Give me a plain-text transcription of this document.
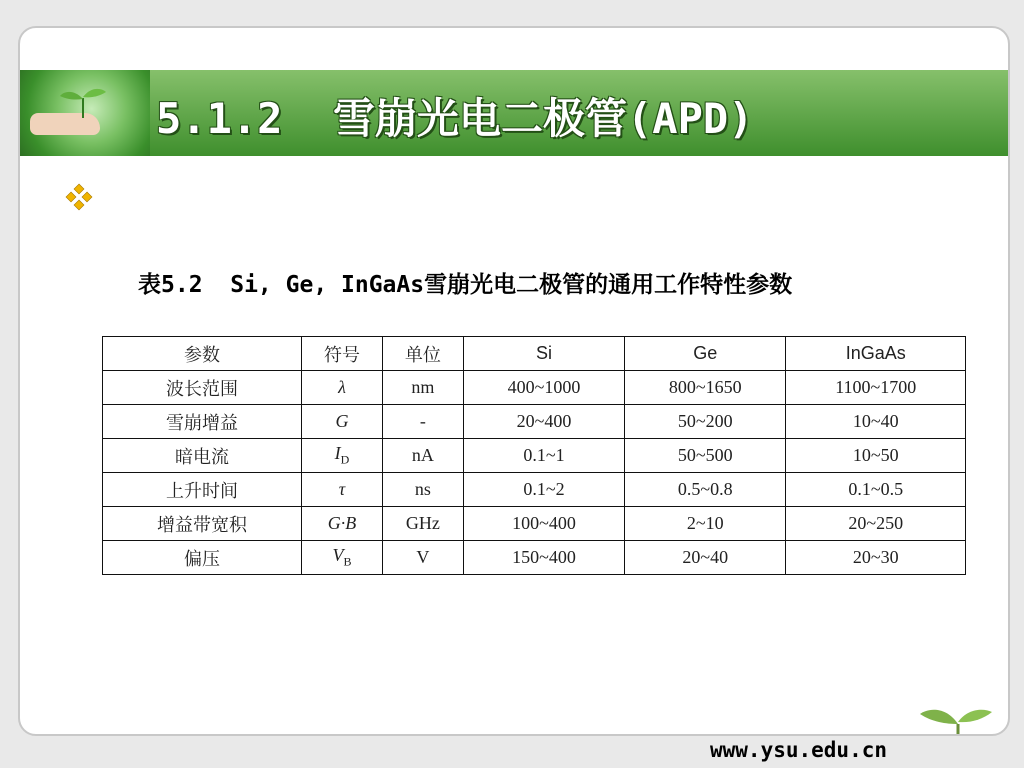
5.1.2  雪崩光电二极管(APD)
表5.2  Si, Ge, InGaAs雪崩光电二极管的通用工作特性参数
参数	符号	单位	Si	Ge	InGaAs
波长范围	λ	nm	400~1000	800~1650	1100~1700
雪崩增益	G	-	20~400	50~200	10~40
暗电流	$I_D$	nA	0.1~1	50~500	10~50
上升时间	τ	ns	0.1~2	0.5~0.8	0.1~0.5
增益带宽积	G·B	GHz	100~400	2~10	20~250
偏压	$V_B$	V	150~400	20~40	20~30
www.ysu.edu.cn
